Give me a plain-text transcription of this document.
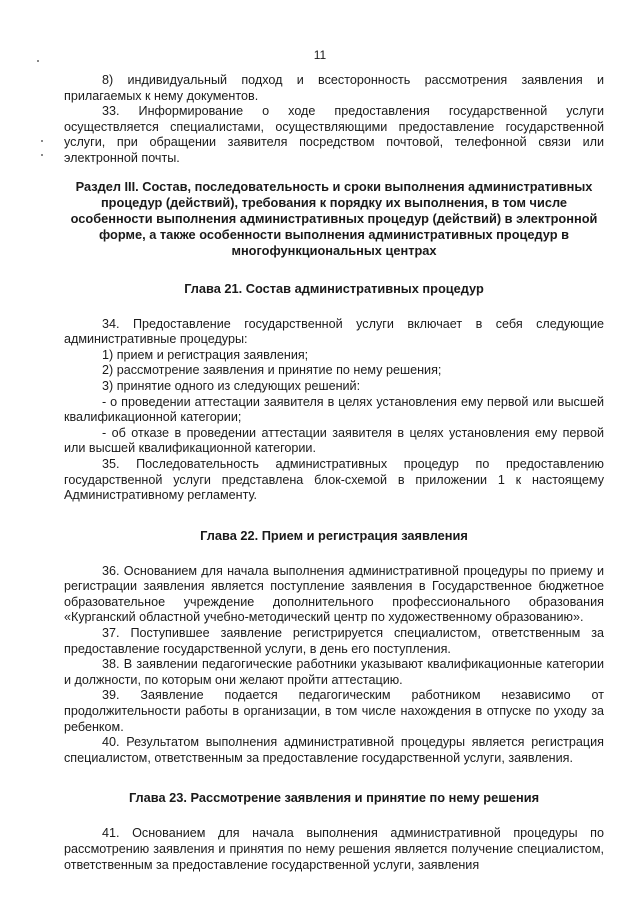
11

8) индивидуальный подход и всесторонность рассмотрения заявления и прилагаемых к нему документов.

33. Информирование о ходе предоставления государственной услуги осуществляется специалистами, осуществляющими предоставление государственной услуги, при обращении заявителя посредством почтовой, телефонной связи или электронной почты.

Раздел III. Состав, последовательность и сроки выполнения административных процедур (действий), требования к порядку их выполнения, в том числе особенности выполнения административных процедур (действий) в электронной форме, а также особенности выполнения административных процедур в многофункциональных центрах
Глава 21. Состав административных процедур

34. Предоставление государственной услуги включает в себя следующие административные процедуры:

1) прием и регистрация заявления;

2) рассмотрение заявления и принятие по нему решения;

3) принятие одного из следующих решений:

- о проведении аттестации заявителя в целях установления ему первой или высшей квалификационной категории;

- об отказе в проведении аттестации заявителя в целях установления ему первой или высшей квалификационной категории.

35. Последовательность административных процедур по предоставлению государственной услуги представлена блок-схемой в приложении 1 к настоящему Административному регламенту.

Глава 22. Прием и регистрация заявления

36. Основанием для начала выполнения административной процедуры по приему и регистрации заявления является поступление заявления в Государственное бюджетное образовательное учреждение дополнительного профессионального образования «Курганский областной учебно-методический центр по художественному образованию».

37. Поступившее заявление регистрируется специалистом, ответственным за предоставление государственной услуги, в день его поступления.

38. В заявлении педагогические работники указывают квалификационные категории и должности, по которым они желают пройти аттестацию.

39. Заявление подается педагогическим работником независимо от продолжительности работы в организации, в том числе нахождения в отпуске по уходу за ребенком.

40. Результатом выполнения административной процедуры является регистрация специалистом, ответственным за предоставление государственной услуги, заявления.

Глава 23. Рассмотрение заявления и принятие по нему решения

41. Основанием для начала выполнения административной процедуры по рассмотрению заявления и принятия по нему решения является получение специалистом, ответственным за предоставление государственной услуги, заявления
